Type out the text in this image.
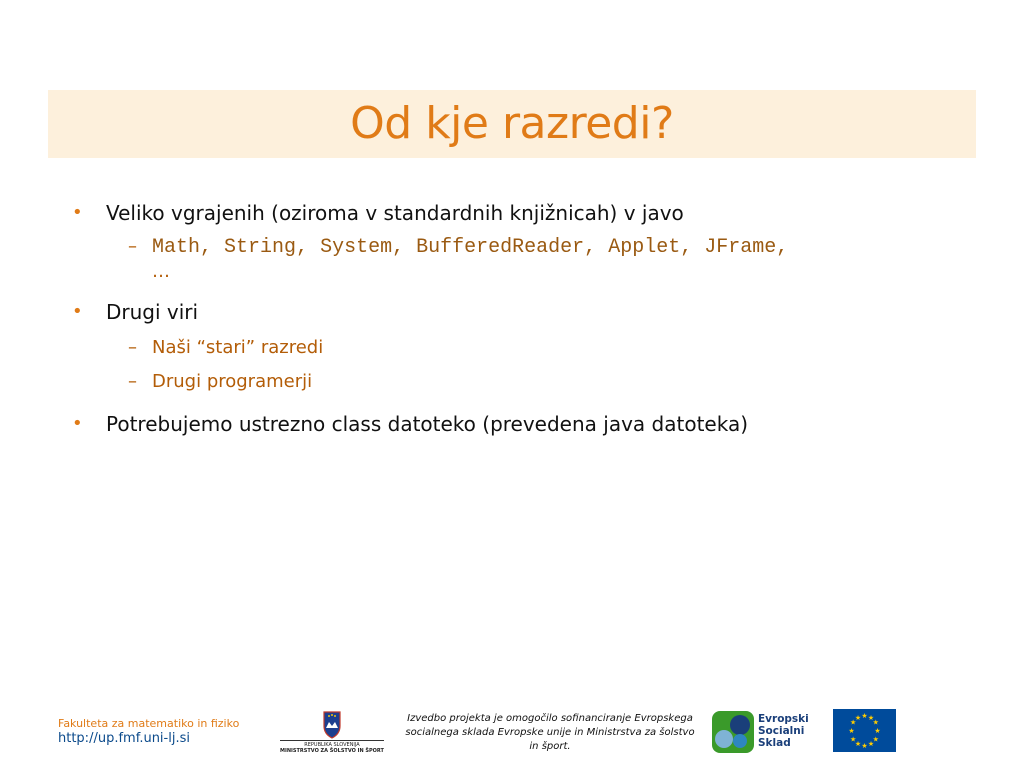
Od kje razredi?
• Veliko vgrajenih (oziroma v standardnih knjižnicah) v javo
– Math, String, System, BufferedReader, Applet, JFrame,
…
• Drugi viri
– Naši “stari” razredi
– Drugi programerji
• Potrebujemo ustrezno class datoteko (prevedena java datoteka)
Fakulteta za matematiko in fiziko
http://up.fmf.uni-lj.si	REPUBLIKA SLOVENIJA
MINISTRSTVO ZA ŠOLSTVO IN ŠPORT
Izvedbo projekta je omogočilo sofinanciranje Evropskega socialnega sklada Evropske unije in Ministrstva za šolstvo in šport.
Evropski
Socialni
Sklad
★ ★
★
★
★
★
★
★
★
★
★
★
